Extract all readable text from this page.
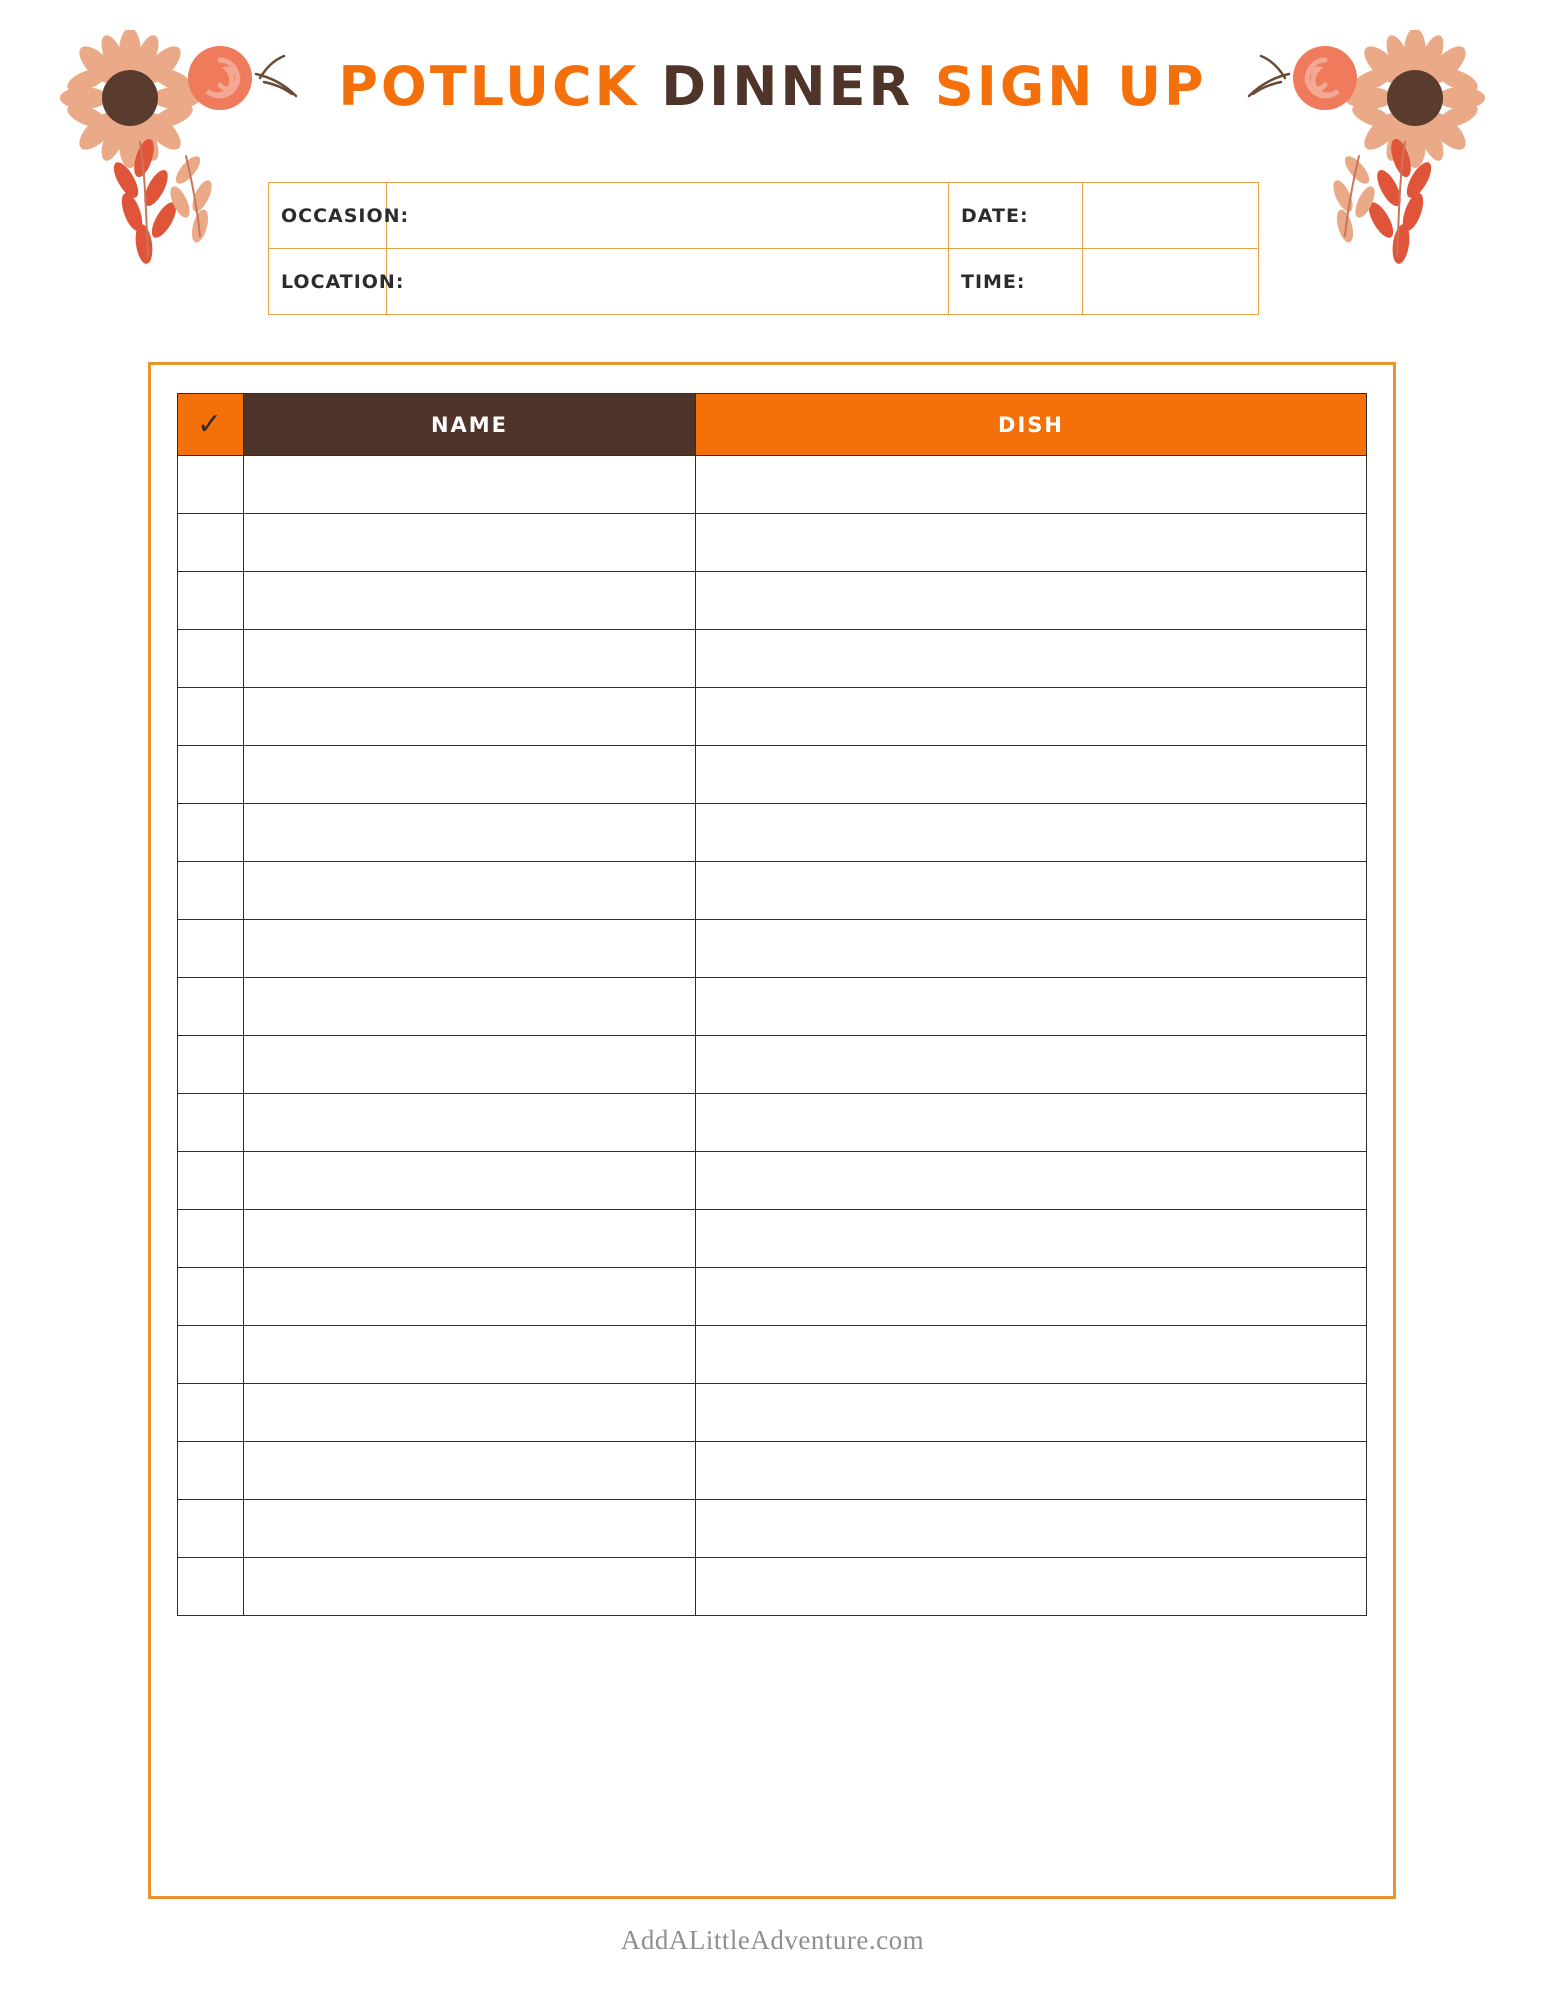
POTLUCK DINNER SIGN UP
OCCASION:		DATE:	
LOCATION:		TIME:	
✓	NAME	DISH

AddALittleAdventure.com
